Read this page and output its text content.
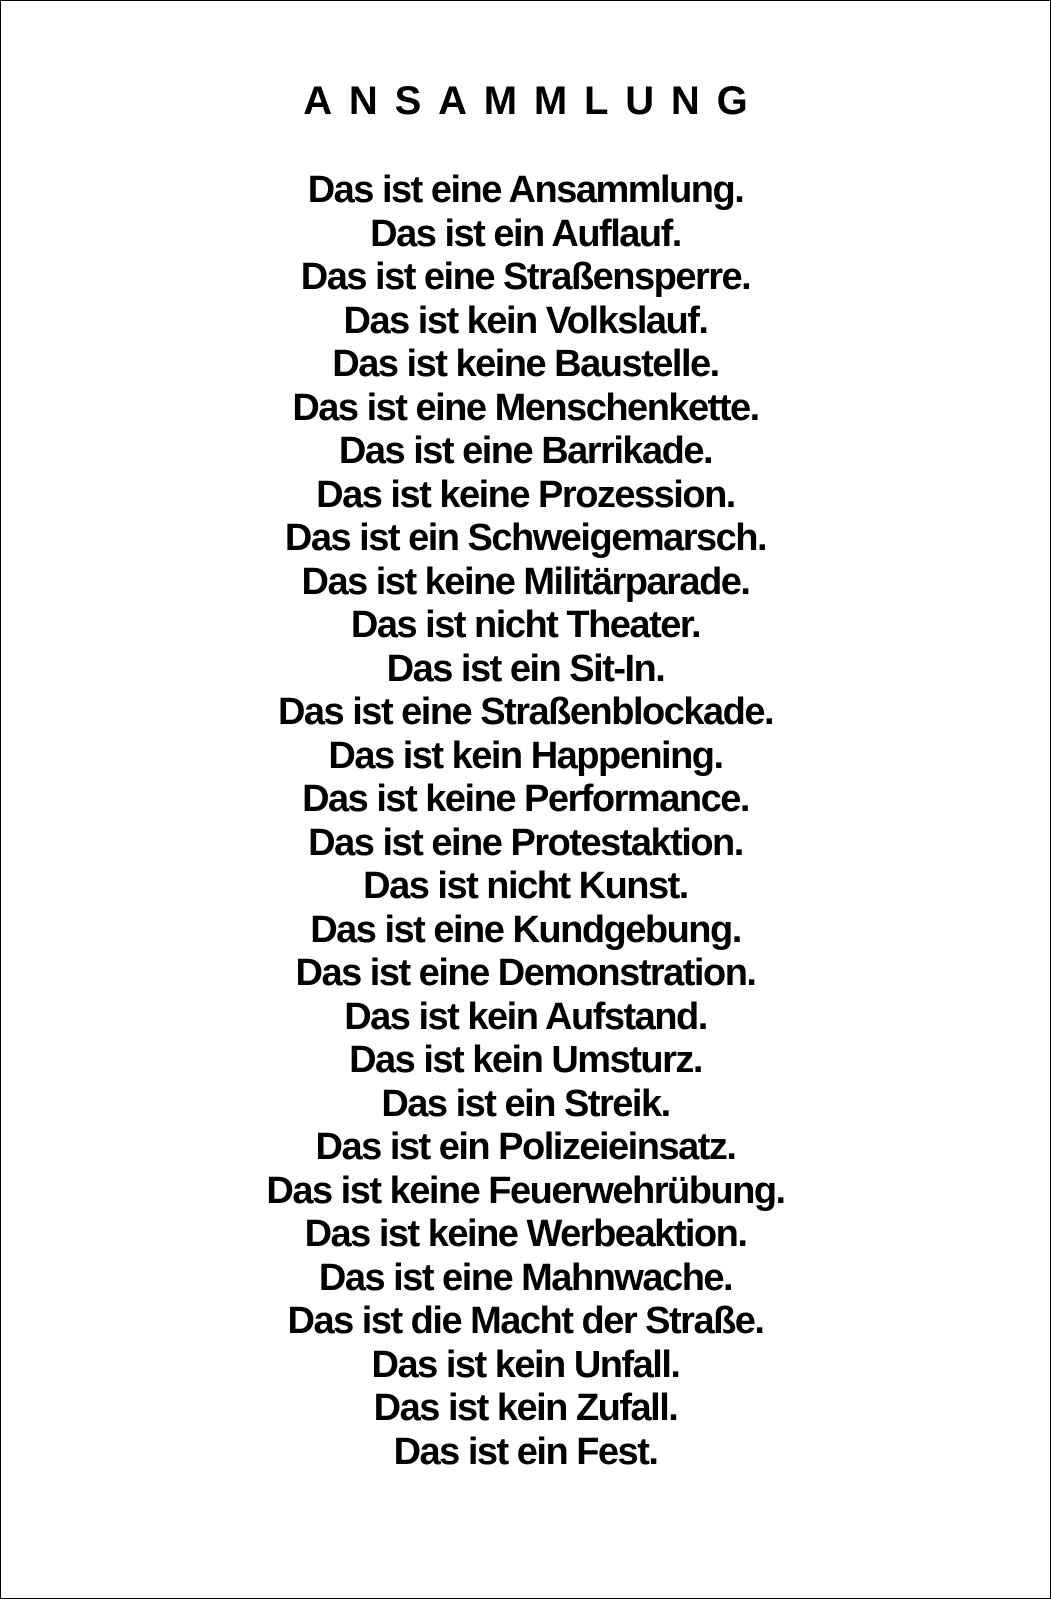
ANSAMMLUNG
Das ist eine Ansammlung.
Das ist ein Auflauf.
Das ist eine Straßensperre.
Das ist kein Volkslauf.
Das ist keine Baustelle.
Das ist eine Menschenkette.
Das ist eine Barrikade.
Das ist keine Prozession.
Das ist ein Schweigemarsch.
Das ist keine Militärparade.
Das ist nicht Theater.
Das ist ein Sit-In.
Das ist eine Straßenblockade.
Das ist kein Happening.
Das ist keine Performance.
Das ist eine Protestaktion.
Das ist nicht Kunst.
Das ist eine Kundgebung.
Das ist eine Demonstration.
Das ist kein Aufstand.
Das ist kein Umsturz.
Das ist ein Streik.
Das ist ein Polizeieinsatz.
Das ist keine Feuerwehrübung.
Das ist keine Werbeaktion.
Das ist eine Mahnwache.
Das ist die Macht der Straße.
Das ist kein Unfall.
Das ist kein Zufall.
Das ist ein Fest.
